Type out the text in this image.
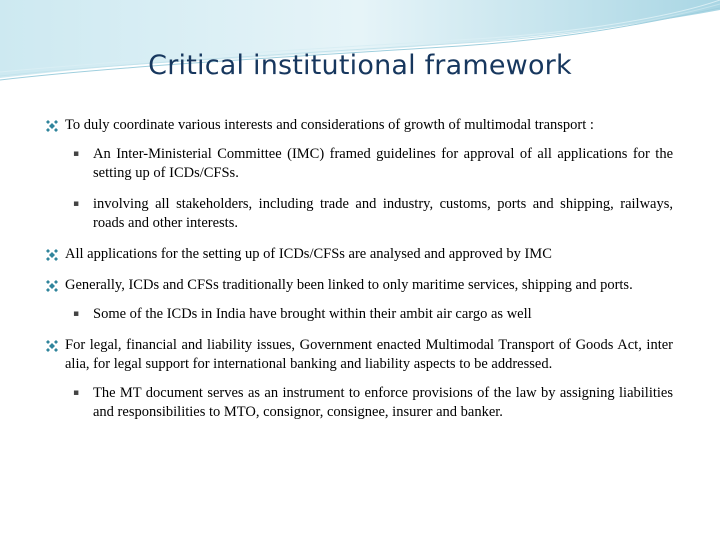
Critical institutional framework
To duly coordinate various interests and considerations of growth of multimodal transport :
▪ An Inter-Ministerial Committee (IMC) framed guidelines for approval of all applications for the setting up of ICDs/CFSs.
▪ involving all stakeholders, including trade and industry, customs, ports and shipping, railways, roads and other interests.
All applications for the setting up of ICDs/CFSs are analysed and approved by IMC
Generally, ICDs and CFSs traditionally been linked to only maritime services, shipping and ports.
▪ Some of the ICDs in India have brought within their ambit air cargo as well
For legal, financial and liability issues, Government enacted Multimodal Transport of Goods Act, inter alia, for legal support for international banking and liability aspects to be addressed.
▪ The MT document serves as an instrument to enforce provisions of the law by assigning liabilities and responsibilities to MTO, consignor, consignee, insurer and banker.
